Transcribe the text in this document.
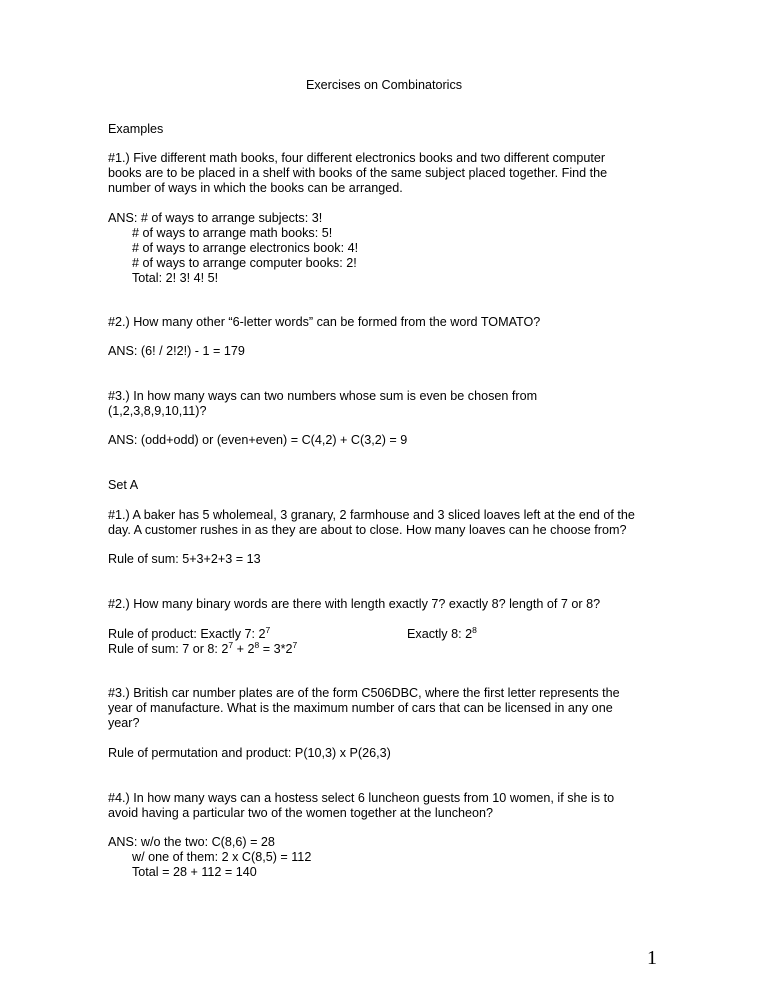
Exercises on Combinatorics
Examples
#1.) Five different math books, four different electronics books and two different computer
books are to be placed in a shelf with books of the same subject placed together. Find the
number of ways in which the books can be arranged.
ANS: # of ways to arrange subjects: 3!
# of ways to arrange math books: 5!
# of ways to arrange electronics book: 4!
# of ways to arrange computer books: 2!
Total: 2! 3! 4! 5!
#2.) How many other “6-letter words” can be formed from the word TOMATO?
ANS: (6! / 2!2!) - 1 = 179
#3.) In how many ways can two numbers whose sum is even be chosen from
(1,2,3,8,9,10,11)?
ANS: (odd+odd) or (even+even) = C(4,2) + C(3,2) = 9
Set A
#1.) A baker has 5 wholemeal, 3 granary, 2 farmhouse and 3 sliced loaves left at the end of the
day. A customer rushes in as they are about to close. How many loaves can he choose from?
Rule of sum: 5+3+2+3 = 13
#2.) How many binary words are there with length exactly 7? exactly 8? length of 7 or 8?
Rule of product: Exactly 7: $2^7$	Exactly 8: $2^8$
Rule of sum: 7 or 8: $2^7 + 2^8 = 3*2^7$
#3.) British car number plates are of the form C506DBC, where the first letter represents the
year of manufacture. What is the maximum number of cars that can be licensed in any one
year?
Rule of permutation and product: P(10,3) x P(26,3)
#4.) In how many ways can a hostess select 6 luncheon guests from 10 women, if she is to
avoid having a particular two of the women together at the luncheon?
ANS: w/o the two: C(8,6) = 28
w/ one of them: 2 x C(8,5) = 112
Total = 28 + 112 = 140
1
